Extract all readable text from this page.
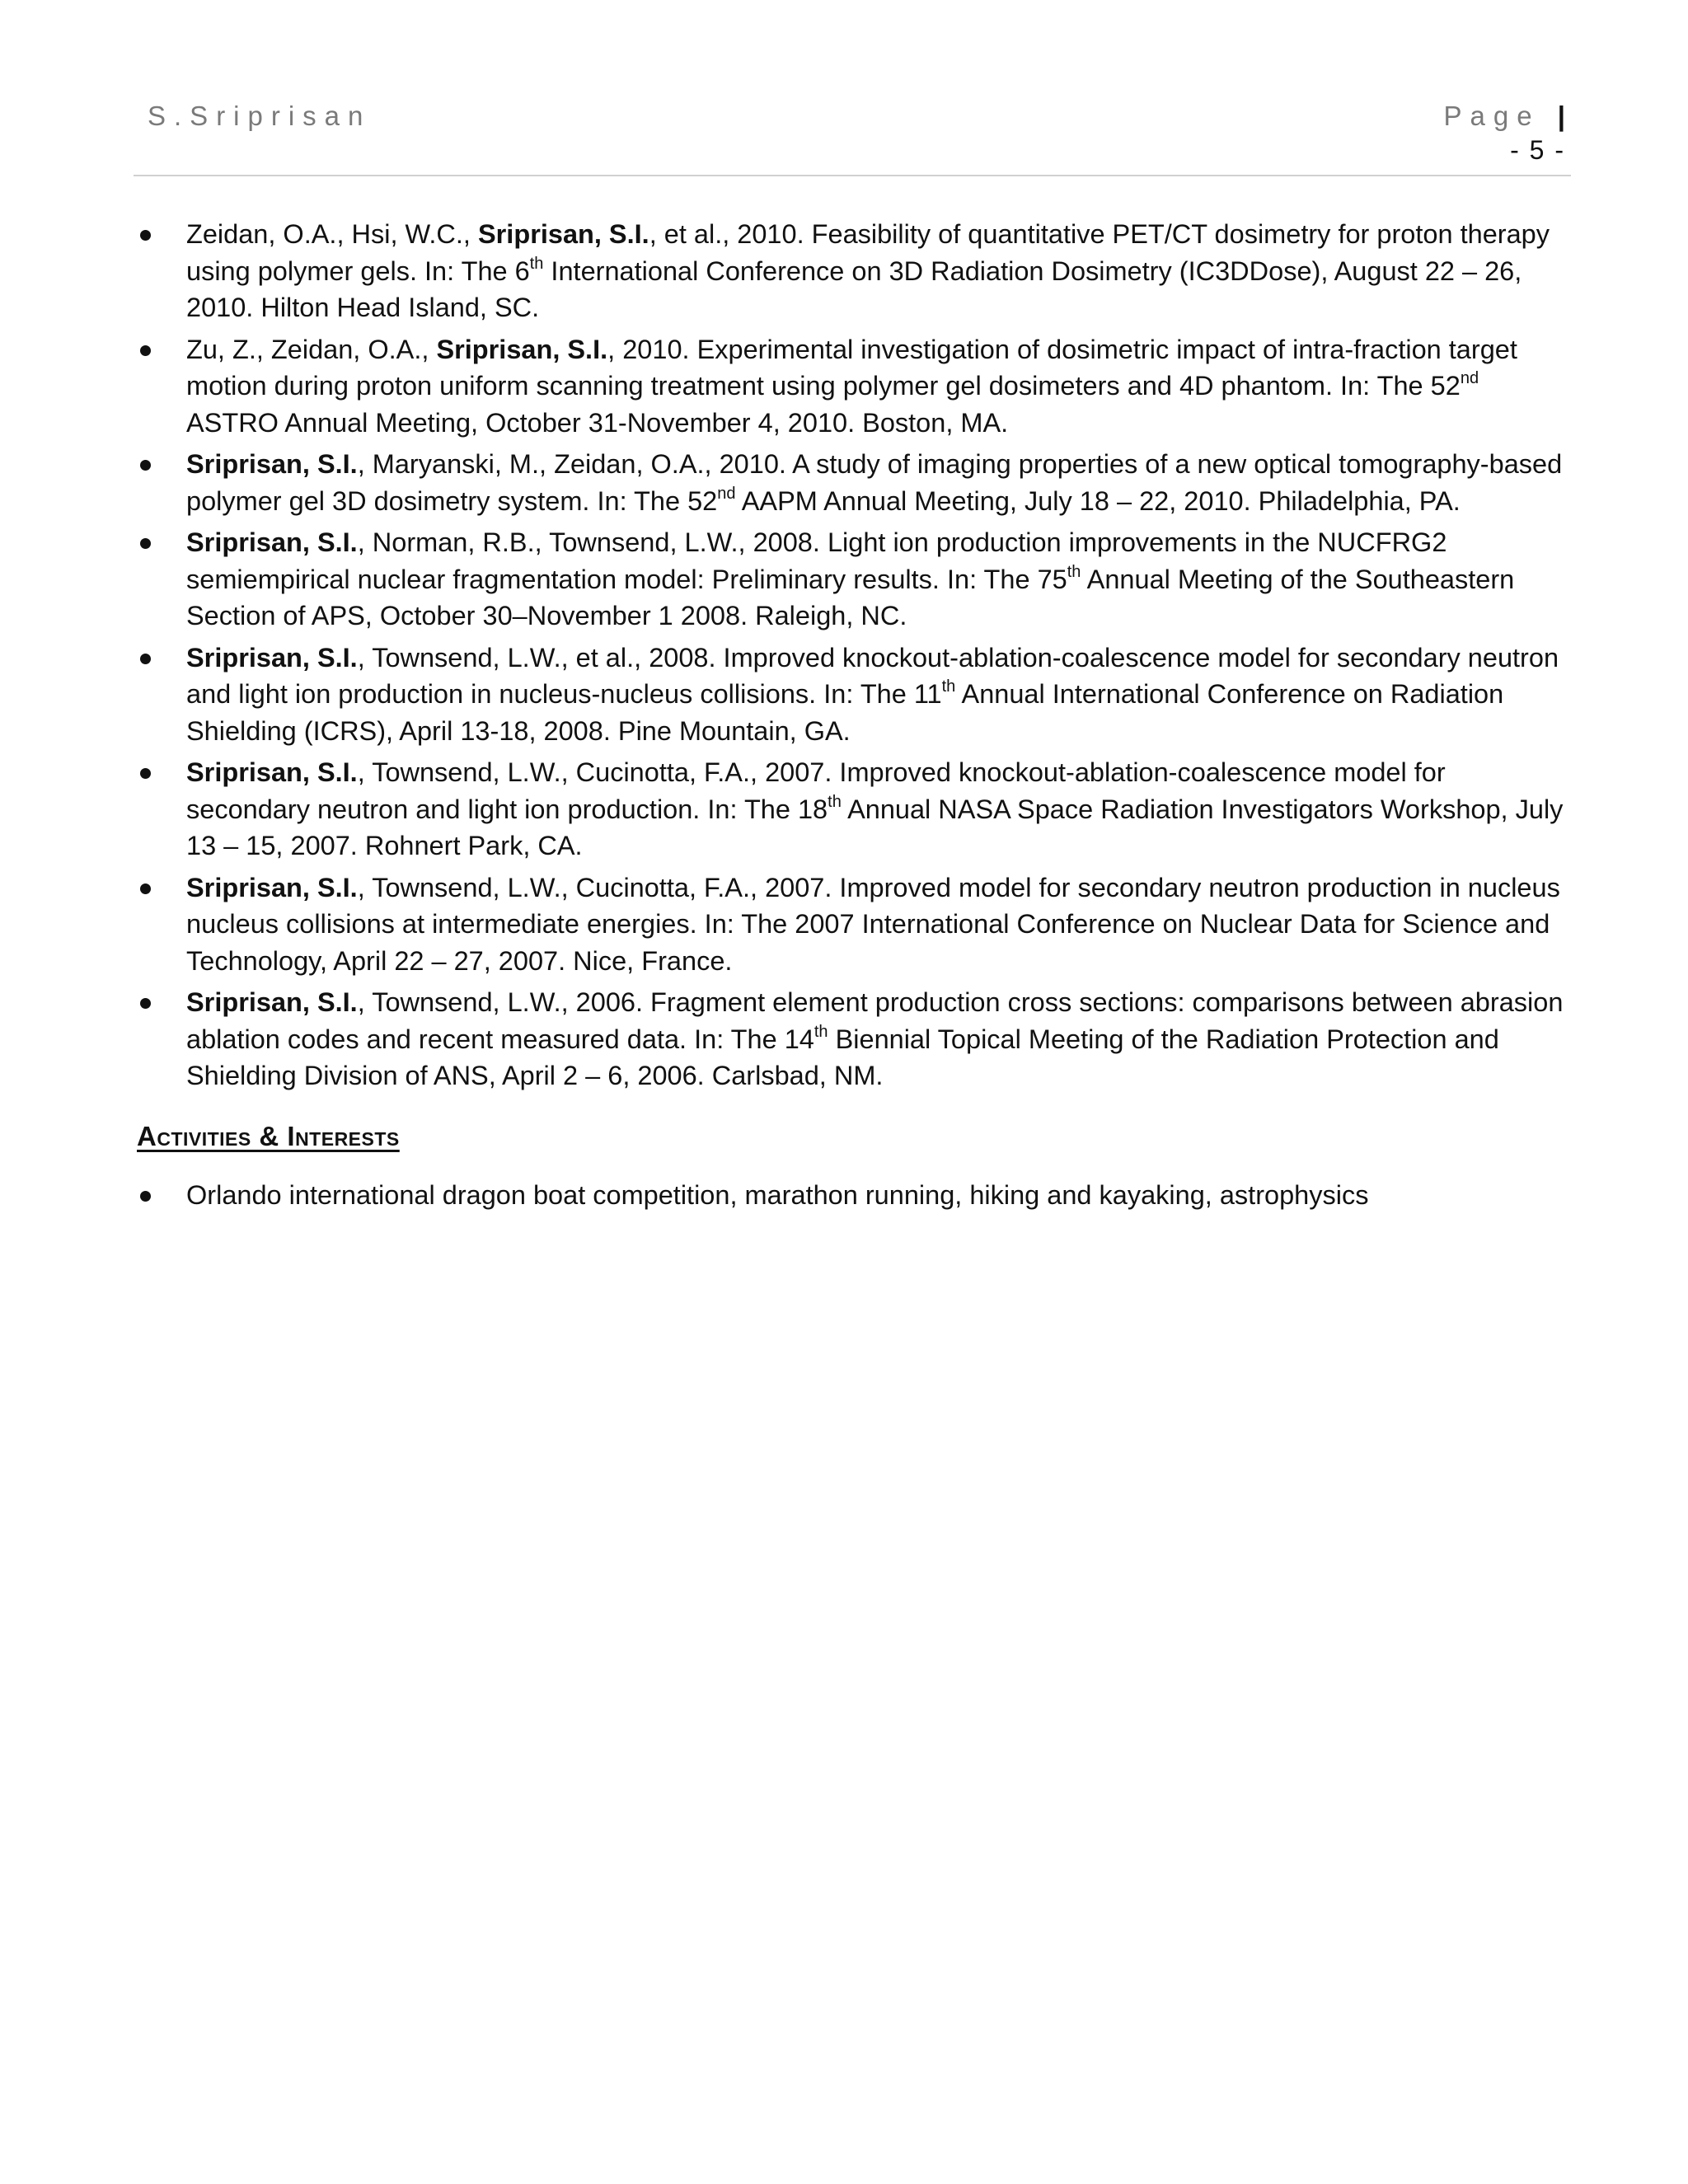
S.Sriprisan	Page |
- 5 -
Zeidan, O.A., Hsi, W.C., Sriprisan, S.I., et al., 2010. Feasibility of quantitative PET/CT dosimetry for proton therapy using polymer gels. In: The 6th International Conference on 3D Radiation Dosimetry (IC3DDose), August 22 – 26, 2010. Hilton Head Island, SC.
Zu, Z., Zeidan, O.A., Sriprisan, S.I., 2010. Experimental investigation of dosimetric impact of intra-fraction target motion during proton uniform scanning treatment using polymer gel dosimeters and 4D phantom. In: The 52nd ASTRO Annual Meeting, October 31-November 4, 2010. Boston, MA.
Sriprisan, S.I., Maryanski, M., Zeidan, O.A., 2010. A study of imaging properties of a new optical tomography-based polymer gel 3D dosimetry system. In: The 52nd AAPM Annual Meeting, July 18 – 22, 2010. Philadelphia, PA.
Sriprisan, S.I., Norman, R.B., Townsend, L.W., 2008. Light ion production improvements in the NUCFRG2 semiempirical nuclear fragmentation model: Preliminary results. In: The 75th Annual Meeting of the Southeastern Section of APS, October 30–November 1 2008. Raleigh, NC.
Sriprisan, S.I., Townsend, L.W., et al., 2008. Improved knockout-ablation-coalescence model for secondary neutron and light ion production in nucleus-nucleus collisions. In: The 11th Annual International Conference on Radiation Shielding (ICRS), April 13-18, 2008. Pine Mountain, GA.
Sriprisan, S.I., Townsend, L.W., Cucinotta, F.A., 2007. Improved knockout-ablation-coalescence model for secondary neutron and light ion production. In: The 18th Annual NASA Space Radiation Investigators Workshop, July 13 – 15, 2007. Rohnert Park, CA.
Sriprisan, S.I., Townsend, L.W., Cucinotta, F.A., 2007. Improved model for secondary neutron production in nucleus nucleus collisions at intermediate energies. In: The 2007 International Conference on Nuclear Data for Science and Technology, April 22 – 27, 2007. Nice, France.
Sriprisan, S.I., Townsend, L.W., 2006. Fragment element production cross sections: comparisons between abrasion ablation codes and recent measured data. In: The 14th Biennial Topical Meeting of the Radiation Protection and Shielding Division of ANS, April 2 – 6, 2006. Carlsbad, NM.
Activities & Interests
Orlando international dragon boat competition, marathon running, hiking and kayaking, astrophysics
